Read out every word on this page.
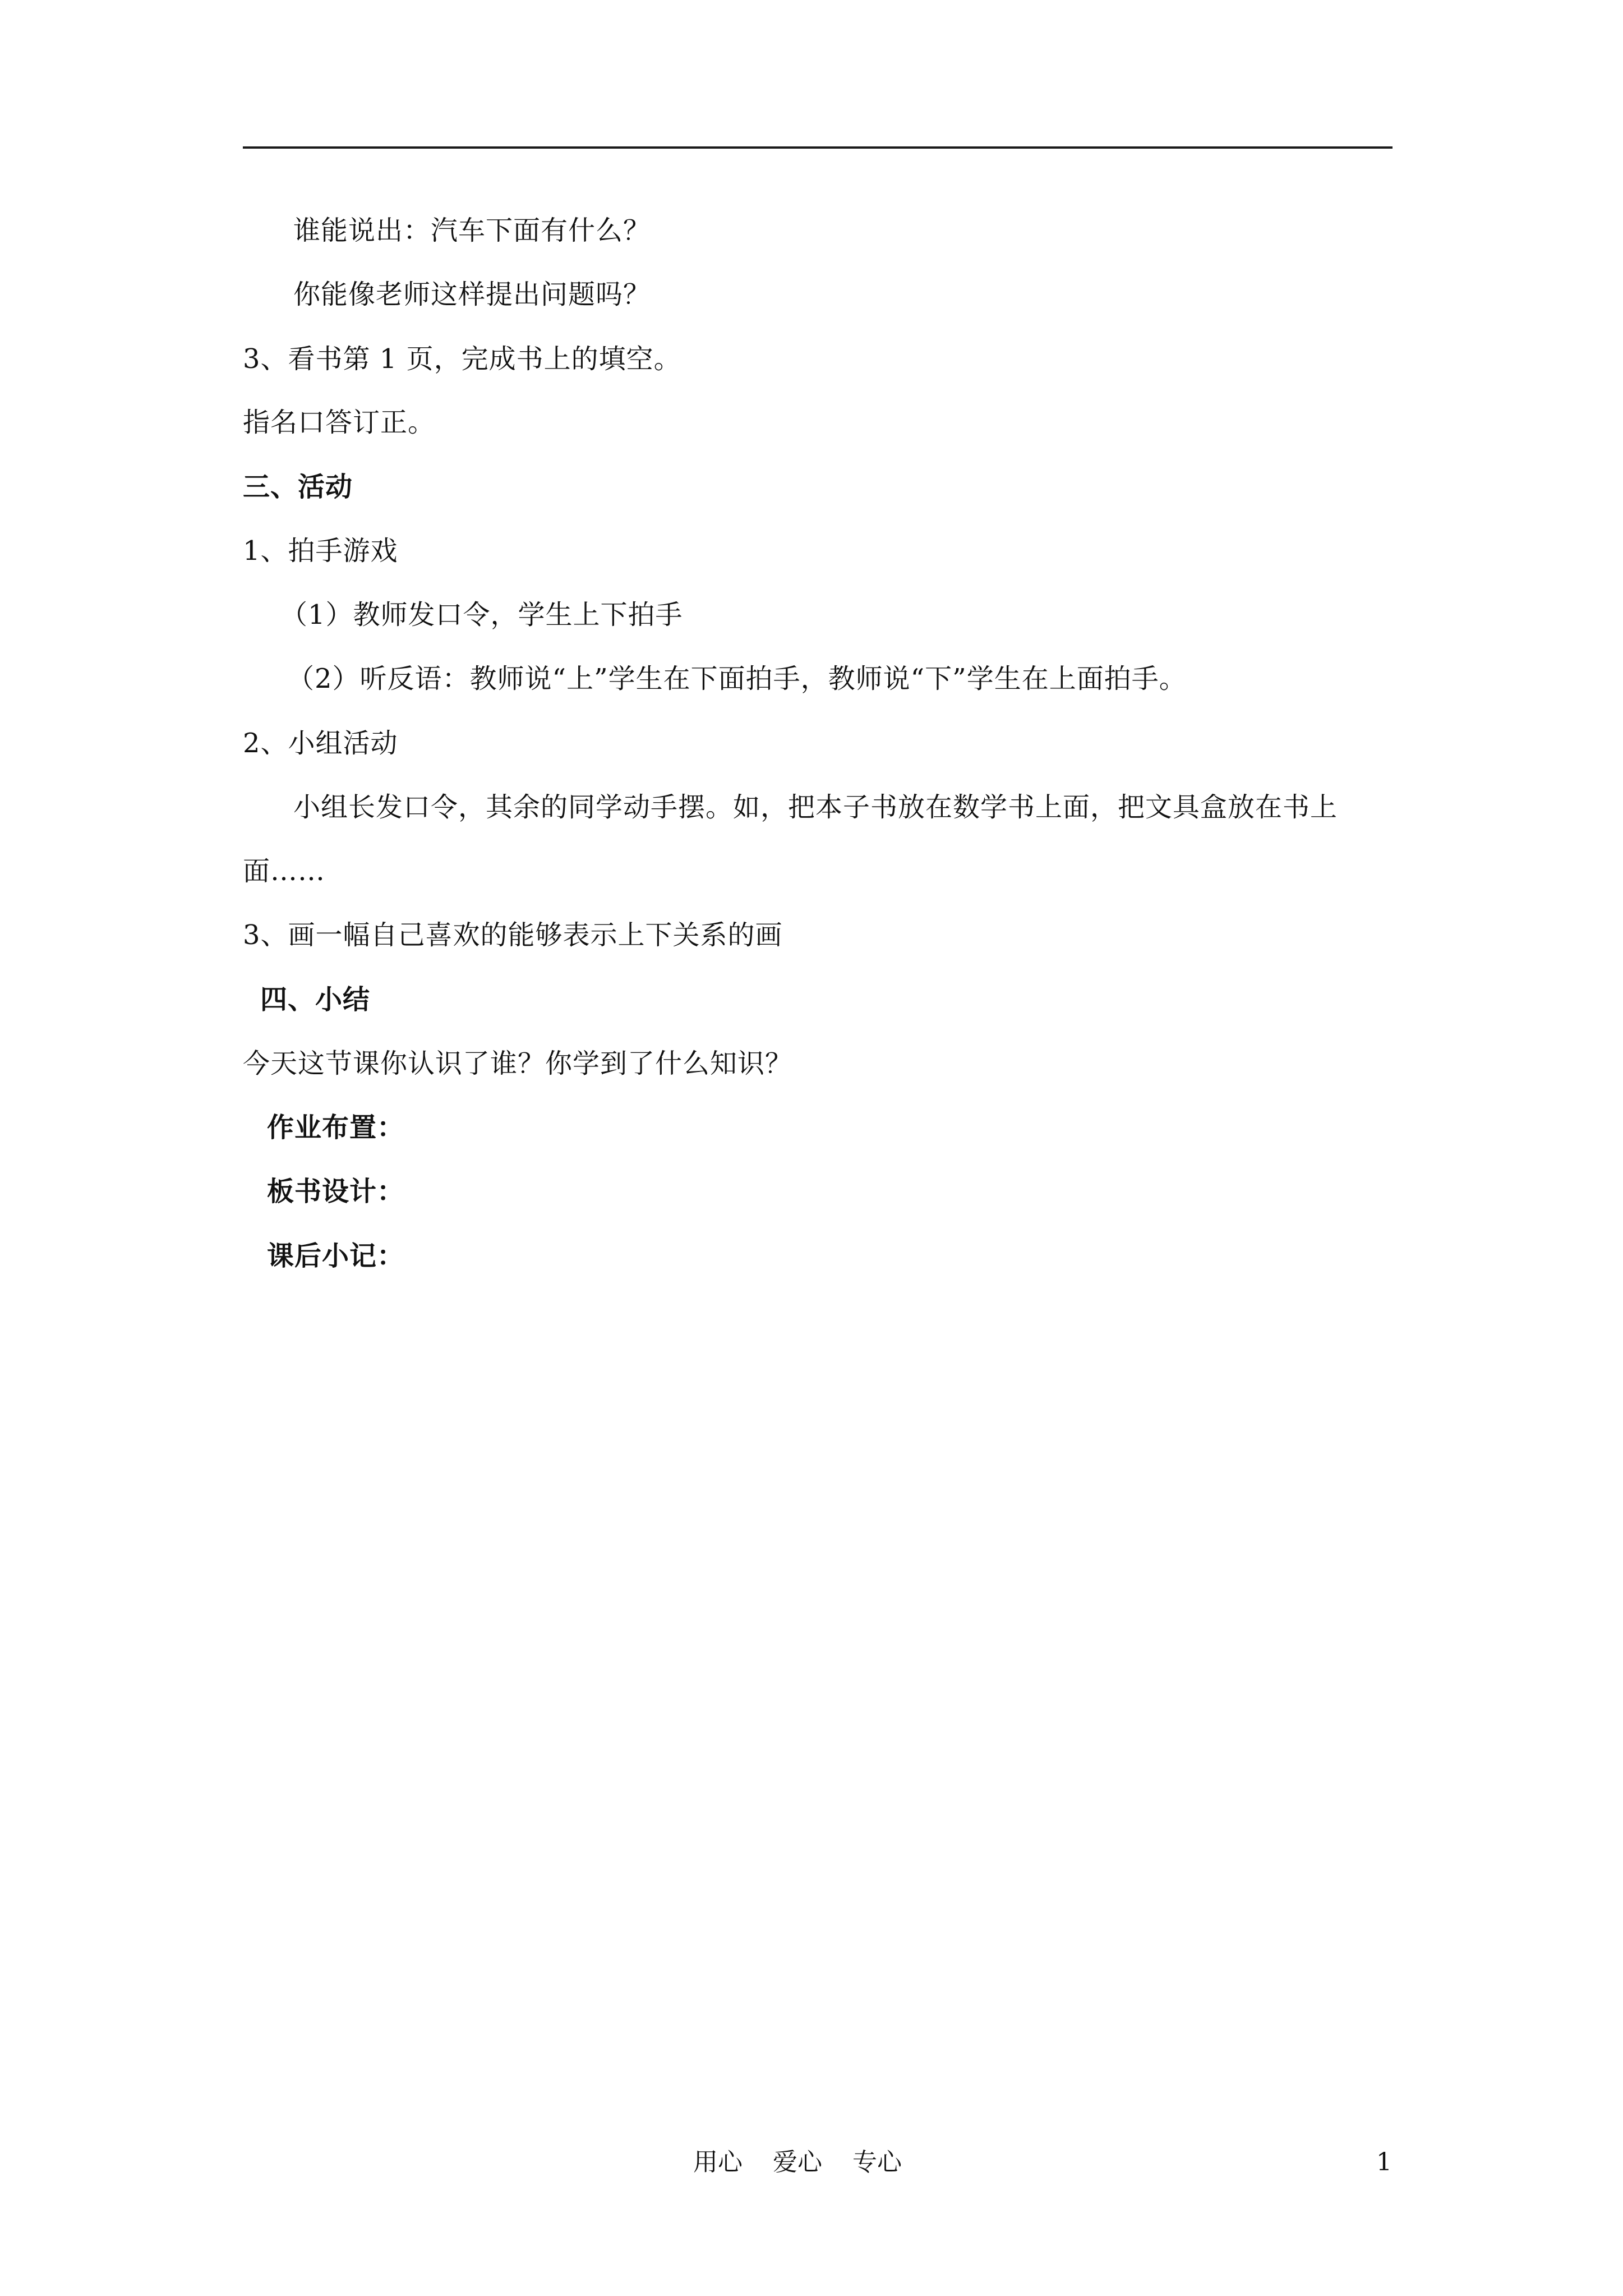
谁能说出：汽车下面有什么？
你能像老师这样提出问题吗？
3、看书第 1 页，完成书上的填空。
指名口答订正。
三、活动
1、拍手游戏
（1）教师发口令，学生上下拍手
（2）听反语：教师说“上”学生在下面拍手，教师说“下”学生在上面拍手。
2、小组活动
小组长发口令，其余的同学动手摆。如，把本子书放在数学书上面，把文具盒放在书上
面……
3、画一幅自己喜欢的能够表示上下关系的画
四、小结
今天这节课你认识了谁？你学到了什么知识？
作业布置：
板书设计：
课后小记：
用心 爱心 专心	1
